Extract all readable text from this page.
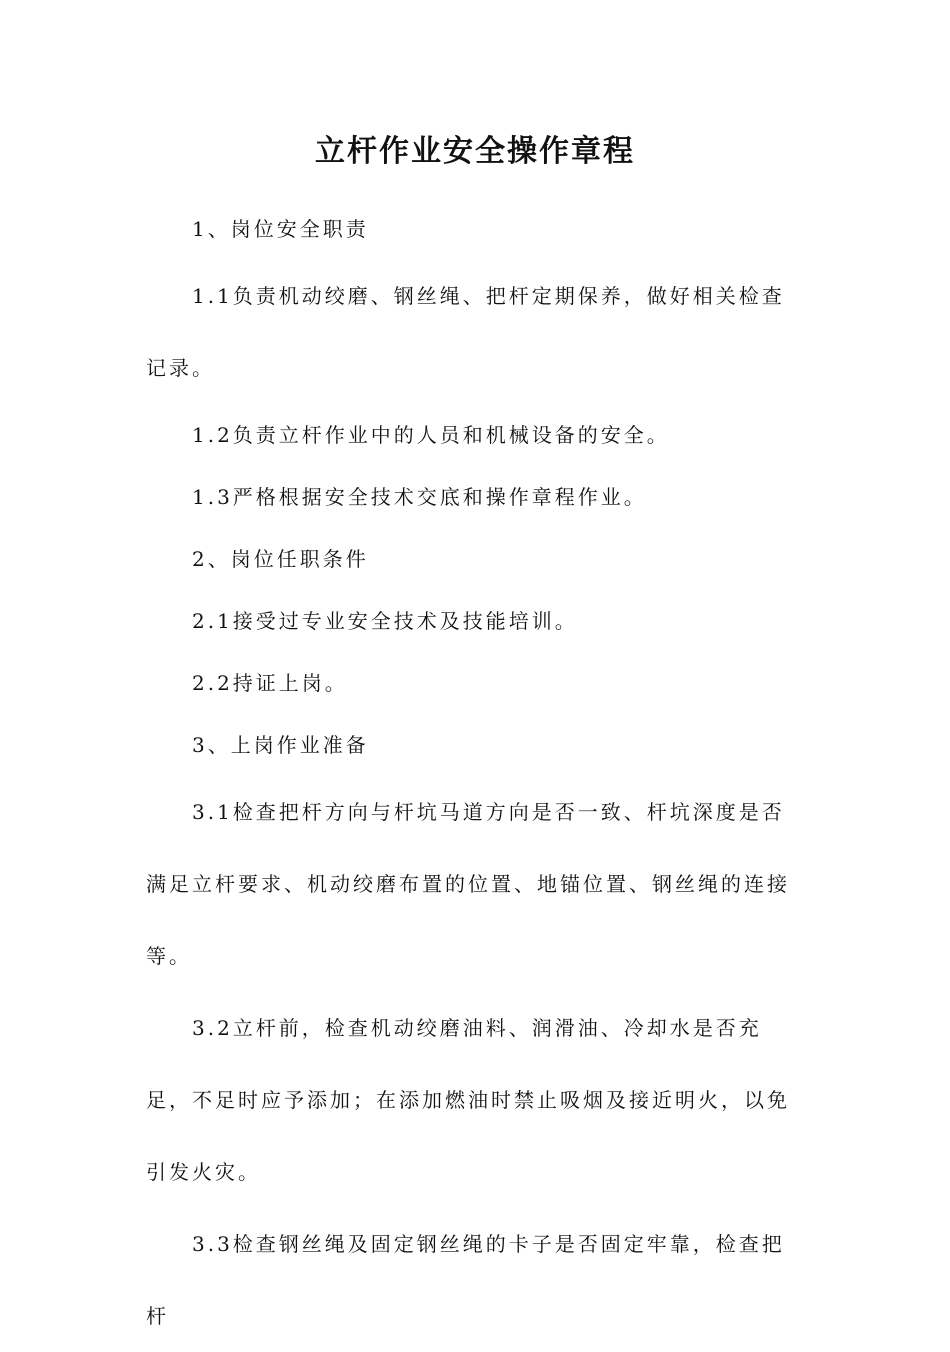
立杆作业安全操作章程

1、岗位安全职责

1.1负责机动绞磨、钢丝绳、把杆定期保养，做好相关检查记录。

1.2负责立杆作业中的人员和机械设备的安全。

1.3严格根据安全技术交底和操作章程作业。

2、岗位任职条件

2.1接受过专业安全技术及技能培训。

2.2持证上岗。

3、上岗作业准备

3.1检查把杆方向与杆坑马道方向是否一致、杆坑深度是否满足立杆要求、机动绞磨布置的位置、地锚位置、钢丝绳的连接等。

3.2立杆前，检查机动绞磨油料、润滑油、冷却水是否充足，不足时应予添加；在添加燃油时禁止吸烟及接近明火，以免引发火灾。

3.3检查钢丝绳及固定钢丝绳的卡子是否固定牢靠，检查把杆
